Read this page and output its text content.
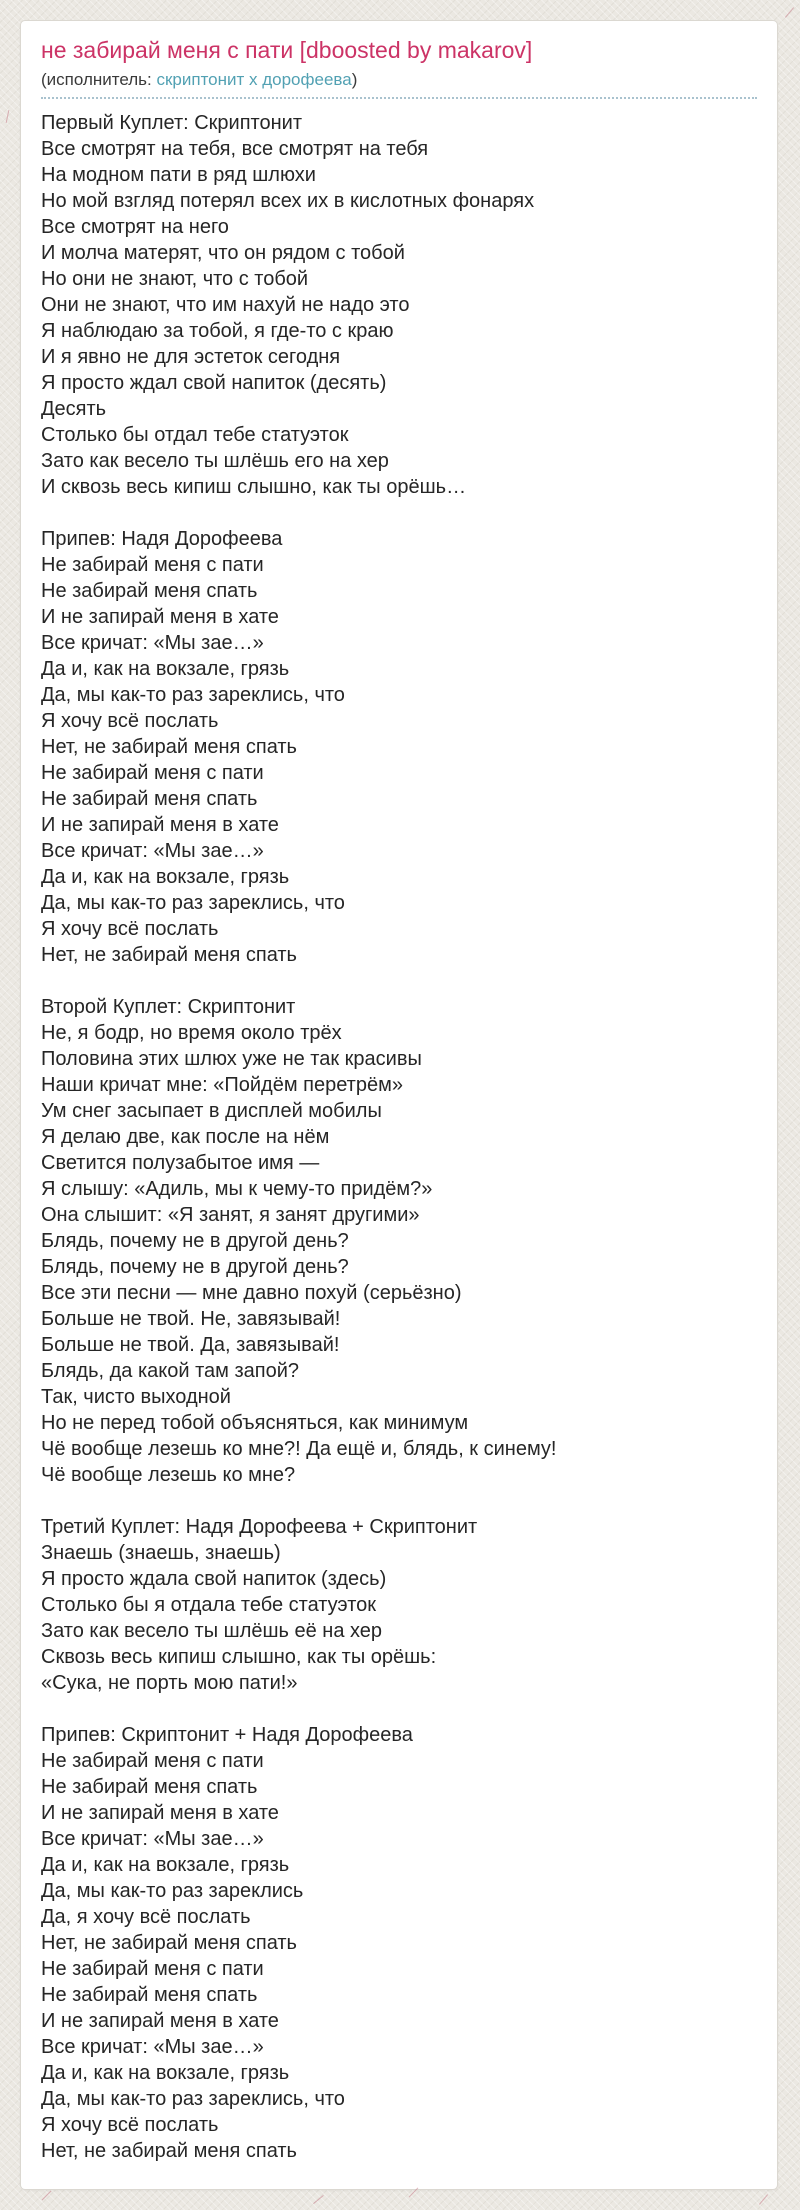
не забирай меня с пати [dboosted by makarov]
(исполнитель: скриптонит х дорофеева)
Первый Куплет: Скриптонит
Все смотрят на тебя, все смотрят на тебя
На модном пати в ряд шлюхи
Но мой взгляд потерял всех их в кислотных фонарях
Все смотрят на него
И молча матерят, что он рядом с тобой
Но они не знают, что с тобой
Они не знают, что им нахуй не надо это
Я наблюдаю за тобой, я где-то с краю
И я явно не для эстеток сегодня
Я просто ждал свой напиток (десять)
Десять
Столько бы отдал тебе статуэток
Зато как весело ты шлёшь его на хер
И сквозь весь кипиш слышно, как ты орёшь…
Припев: Надя Дорофеева
Не забирай меня с пати
Не забирай меня спать
И не запирай меня в хате
Все кричат: «Мы зае…»
Да и, как на вокзале, грязь
Да, мы как-то раз зареклись, что
Я хочу всё послать
Нет, не забирай меня спать
Не забирай меня с пати
Не забирай меня спать
И не запирай меня в хате
Все кричат: «Мы зае…»
Да и, как на вокзале, грязь
Да, мы как-то раз зареклись, что
Я хочу всё послать
Нет, не забирай меня спать
Второй Куплет: Скриптонит
Не, я бодр, но время около трёх
Половина этих шлюх уже не так красивы
Наши кричат мне: «Пойдём перетрём»
Ум снег засыпает в дисплей мобилы
Я делаю две, как после на нём
Светится полузабытое имя —
Я слышу: «Адиль, мы к чему-то придём?»
Она слышит: «Я занят, я занят другими»
Блядь, почему не в другой день?
Блядь, почему не в другой день?
Все эти песни — мне давно похуй (серьёзно)
Больше не твой. Не, завязывай!
Больше не твой. Да, завязывай!
Блядь, да какой там запой?
Так, чисто выходной
Но не перед тобой объясняться, как минимум
Чё вообще лезешь ко мне?! Да ещё и, блядь, к синему!
Чё вообще лезешь ко мне?
Третий Куплет: Надя Дорофеева + Скриптонит
Знаешь (знаешь, знаешь)
Я просто ждала свой напиток (здесь)
Столько бы я отдала тебе статуэток
Зато как весело ты шлёшь её на хер
Сквозь весь кипиш слышно, как ты орёшь:
«Сука, не порть мою пати!»
Припев: Скриптонит + Надя Дорофеева
Не забирай меня с пати
Не забирай меня спать
И не запирай меня в хате
Все кричат: «Мы зае…»
Да и, как на вокзале, грязь
Да, мы как-то раз зареклись
Да, я хочу всё послать
Нет, не забирай меня спать
Не забирай меня с пати
Не забирай меня спать
И не запирай меня в хате
Все кричат: «Мы зае…»
Да и, как на вокзале, грязь
Да, мы как-то раз зареклись, что
Я хочу всё послать
Нет, не забирай меня спать
